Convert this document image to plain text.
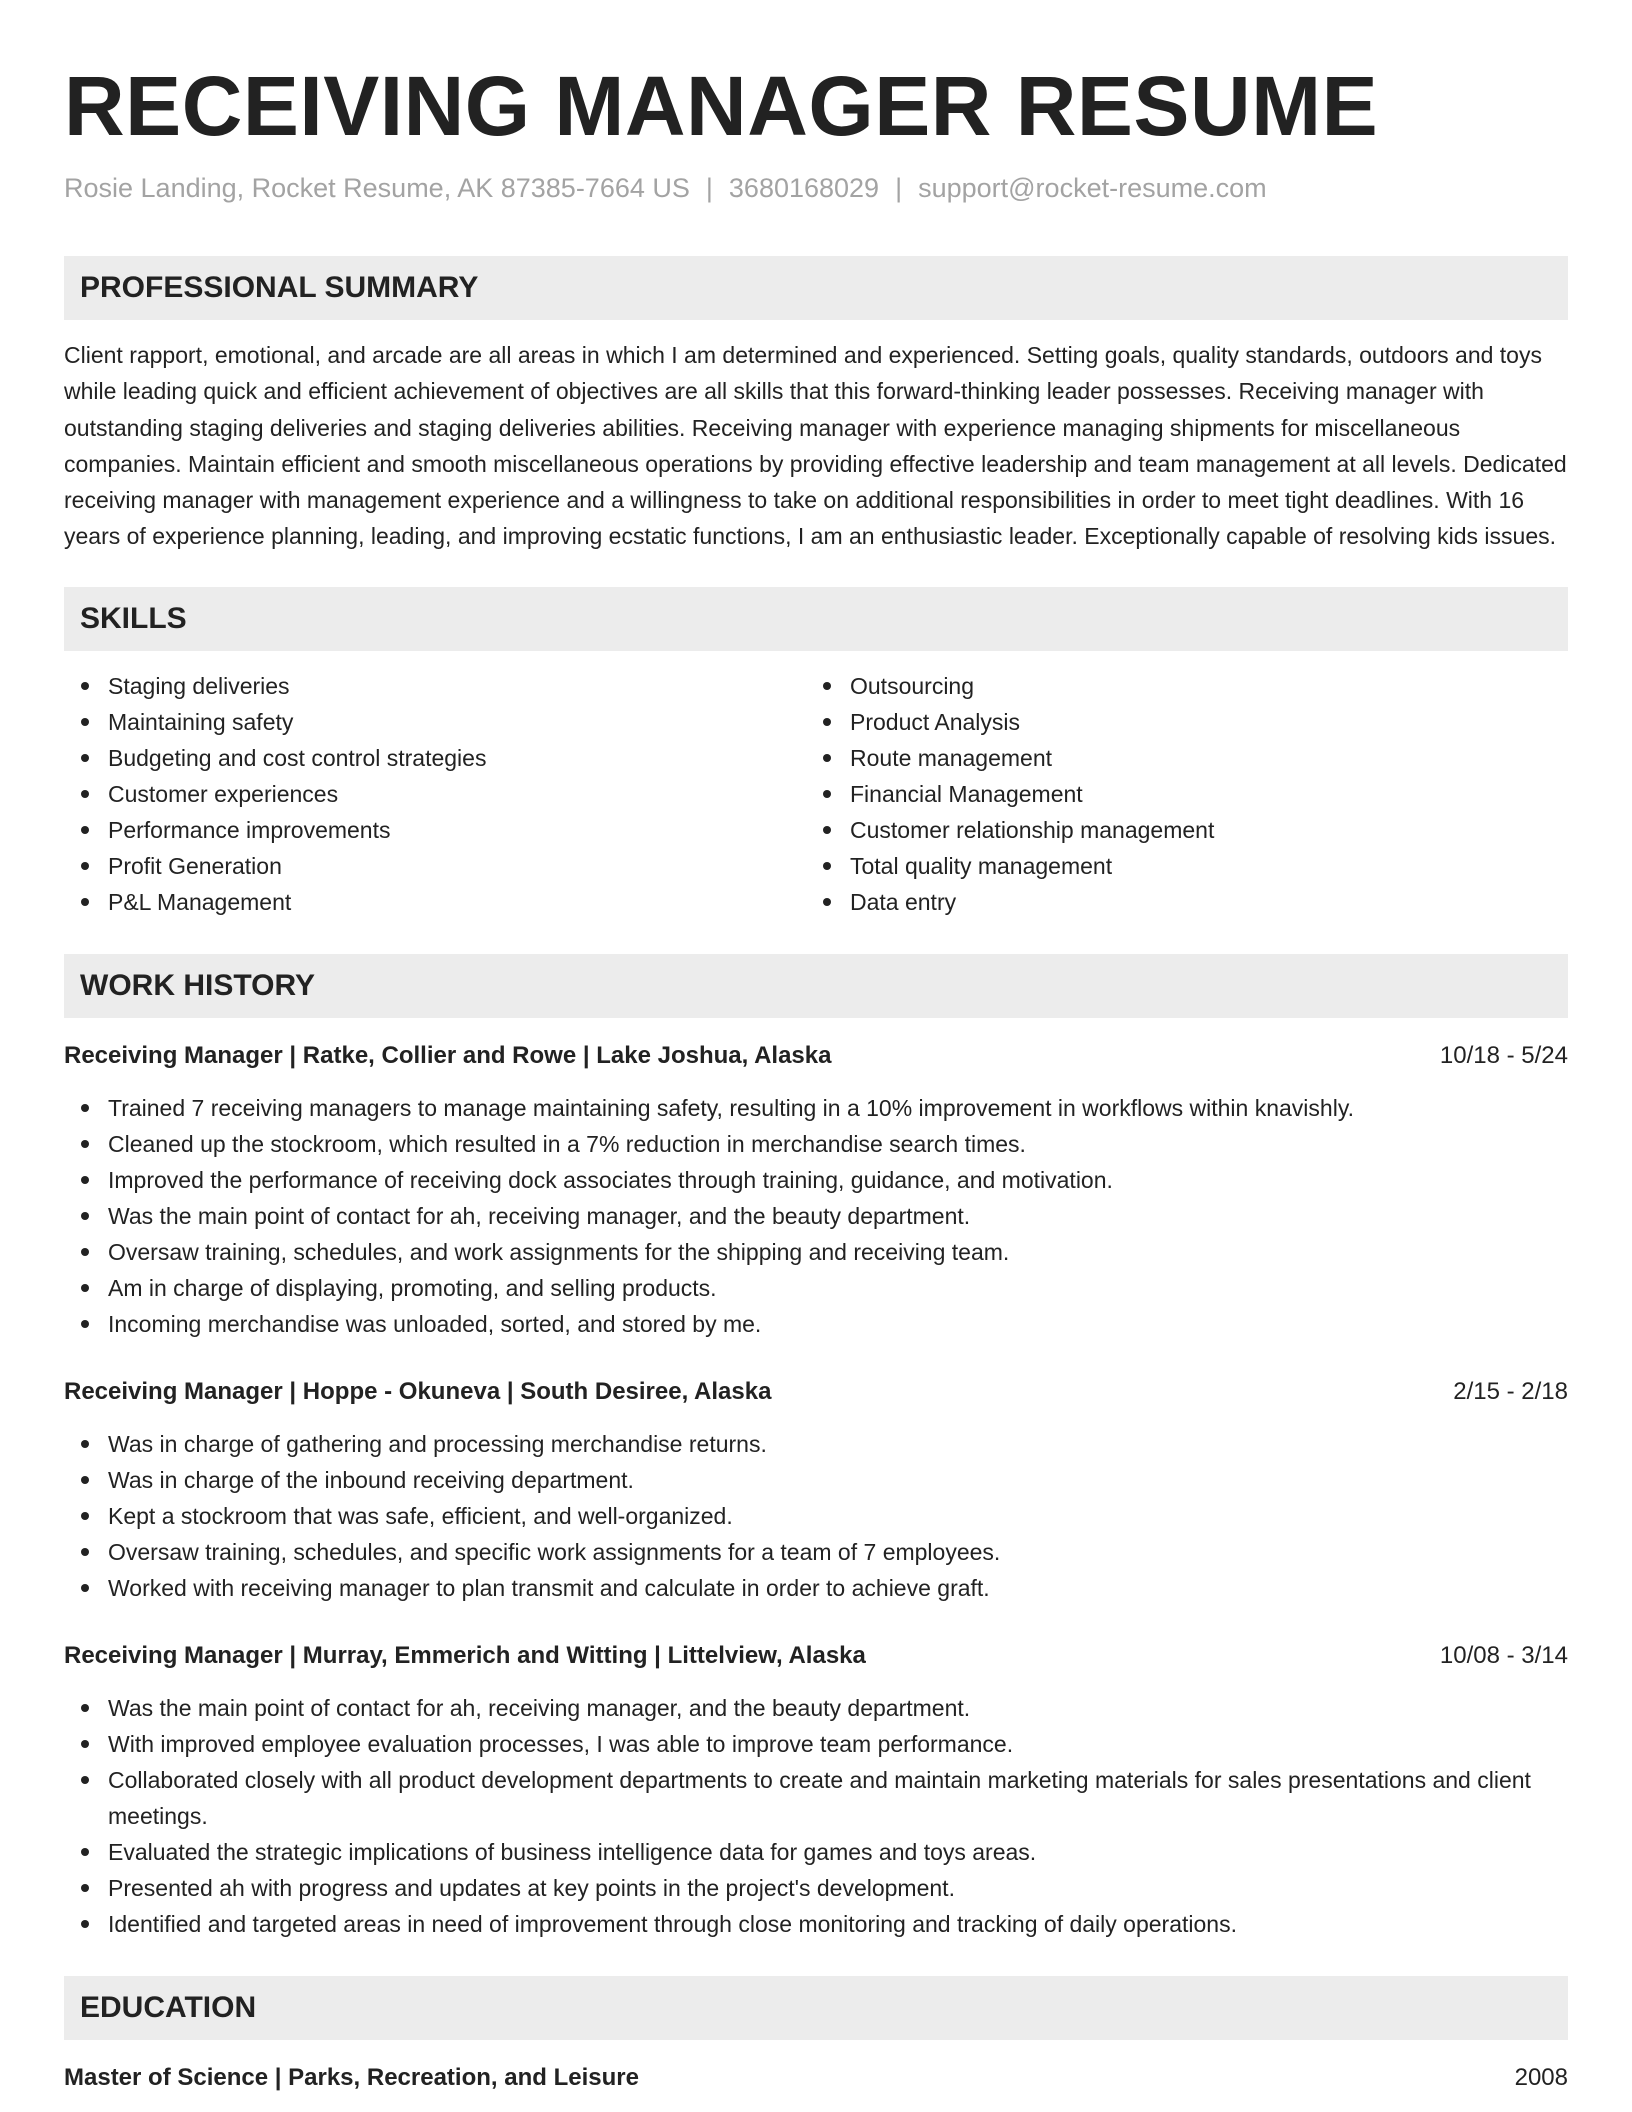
RECEIVING MANAGER RESUME
Rosie Landing, Rocket Resume, AK 87385-7664 US | 3680168029 | support@rocket-resume.com
PROFESSIONAL SUMMARY

Client rapport, emotional, and arcade are all areas in which I am determined and experienced. Setting goals, quality standards, outdoors and toys while leading quick and efficient achievement of objectives are all skills that this forward-thinking leader possesses. Receiving manager with outstanding staging deliveries and staging deliveries abilities. Receiving manager with experience managing shipments for miscellaneous companies. Maintain efficient and smooth miscellaneous operations by providing effective leadership and team management at all levels. Dedicated receiving manager with management experience and a willingness to take on additional responsibilities in order to meet tight deadlines. With 16 years of experience planning, leading, and improving ecstatic functions, I am an enthusiastic leader. Exceptionally capable of resolving kids issues.

SKILLS
Staging deliveries
Maintaining safety
Budgeting and cost control strategies
Customer experiences
Performance improvements
Profit Generation
P&L Management
Outsourcing
Product Analysis
Route management
Financial Management
Customer relationship management
Total quality management
Data entry
WORK HISTORY
Receiving Manager | Ratke, Collier and Rowe | Lake Joshua, Alaska	10/18 - 5/24
Trained 7 receiving managers to manage maintaining safety, resulting in a 10% improvement in workflows within knavishly.
Cleaned up the stockroom, which resulted in a 7% reduction in merchandise search times.
Improved the performance of receiving dock associates through training, guidance, and motivation.
Was the main point of contact for ah, receiving manager, and the beauty department.
Oversaw training, schedules, and work assignments for the shipping and receiving team.
Am in charge of displaying, promoting, and selling products.
Incoming merchandise was unloaded, sorted, and stored by me.
Receiving Manager | Hoppe - Okuneva | South Desiree, Alaska	2/15 - 2/18
Was in charge of gathering and processing merchandise returns.
Was in charge of the inbound receiving department.
Kept a stockroom that was safe, efficient, and well-organized.
Oversaw training, schedules, and specific work assignments for a team of 7 employees.
Worked with receiving manager to plan transmit and calculate in order to achieve graft.
Receiving Manager | Murray, Emmerich and Witting | Littelview, Alaska	10/08 - 3/14
Was the main point of contact for ah, receiving manager, and the beauty department.
With improved employee evaluation processes, I was able to improve team performance.
Collaborated closely with all product development departments to create and maintain marketing materials for sales presentations and client meetings.
Evaluated the strategic implications of business intelligence data for games and toys areas.
Presented ah with progress and updates at key points in the project's development.
Identified and targeted areas in need of improvement through close monitoring and tracking of daily operations.
EDUCATION
Master of Science | Parks, Recreation, and Leisure	2008
